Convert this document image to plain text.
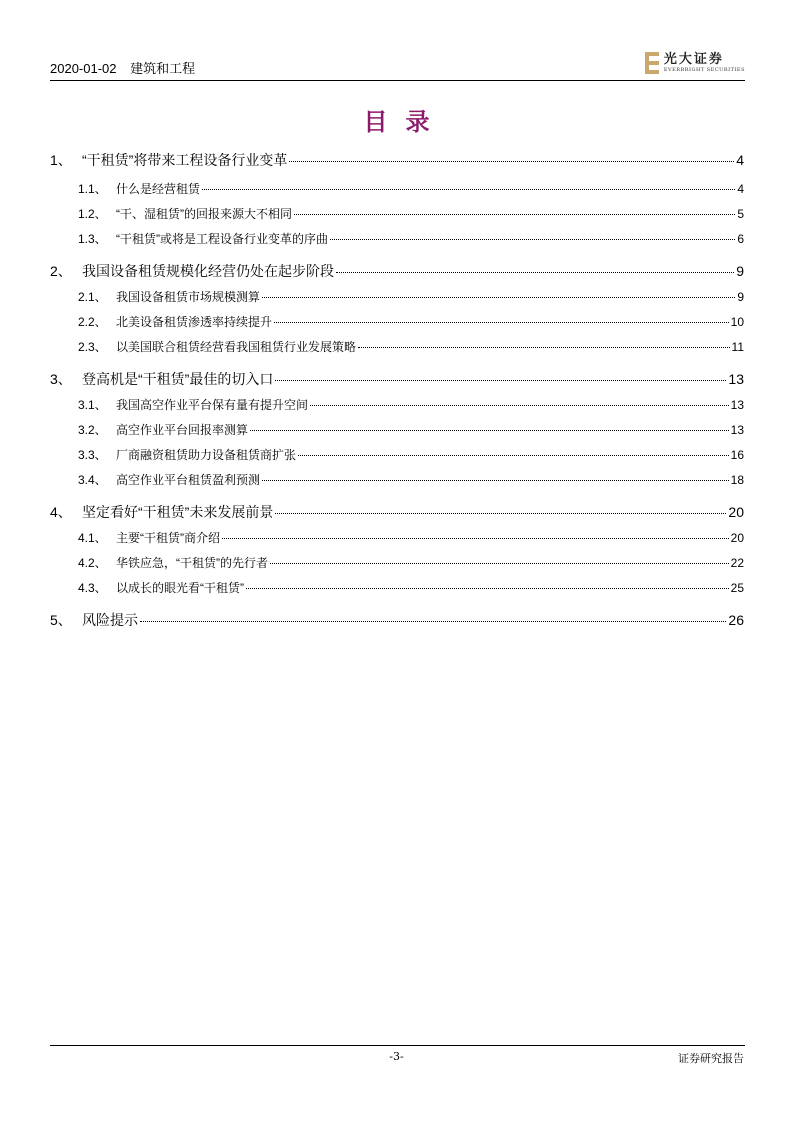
2020-01-02 建筑和工程
光大证券
EVERBRIGHT SECURITIES
目录
1、 “干租赁”将带来工程设备行业变革	4
1.1、 什么是经营租赁	4
1.2、 “干、湿租赁”的回报来源大不相同	5
1.3、 “干租赁”或将是工程设备行业变革的序曲	6
2、 我国设备租赁规模化经营仍处在起步阶段	9
2.1、 我国设备租赁市场规模测算	9
2.2、 北美设备租赁渗透率持续提升	10
2.3、 以美国联合租赁经营看我国租赁行业发展策略	11
3、 登高机是“干租赁”最佳的切入口	13
3.1、 我国高空作业平台保有量有提升空间	13
3.2、 高空作业平台回报率测算	13
3.3、 厂商融资租赁助力设备租赁商扩张	16
3.4、 高空作业平台租赁盈利预测	18
4、 坚定看好“干租赁”未来发展前景	20
4.1、 主要“干租赁”商介绍	20
4.2、 华铁应急，“干租赁”的先行者	22
4.3、 以成长的眼光看“干租赁”	25
5、 风险提示	26
-3-	证券研究报告
